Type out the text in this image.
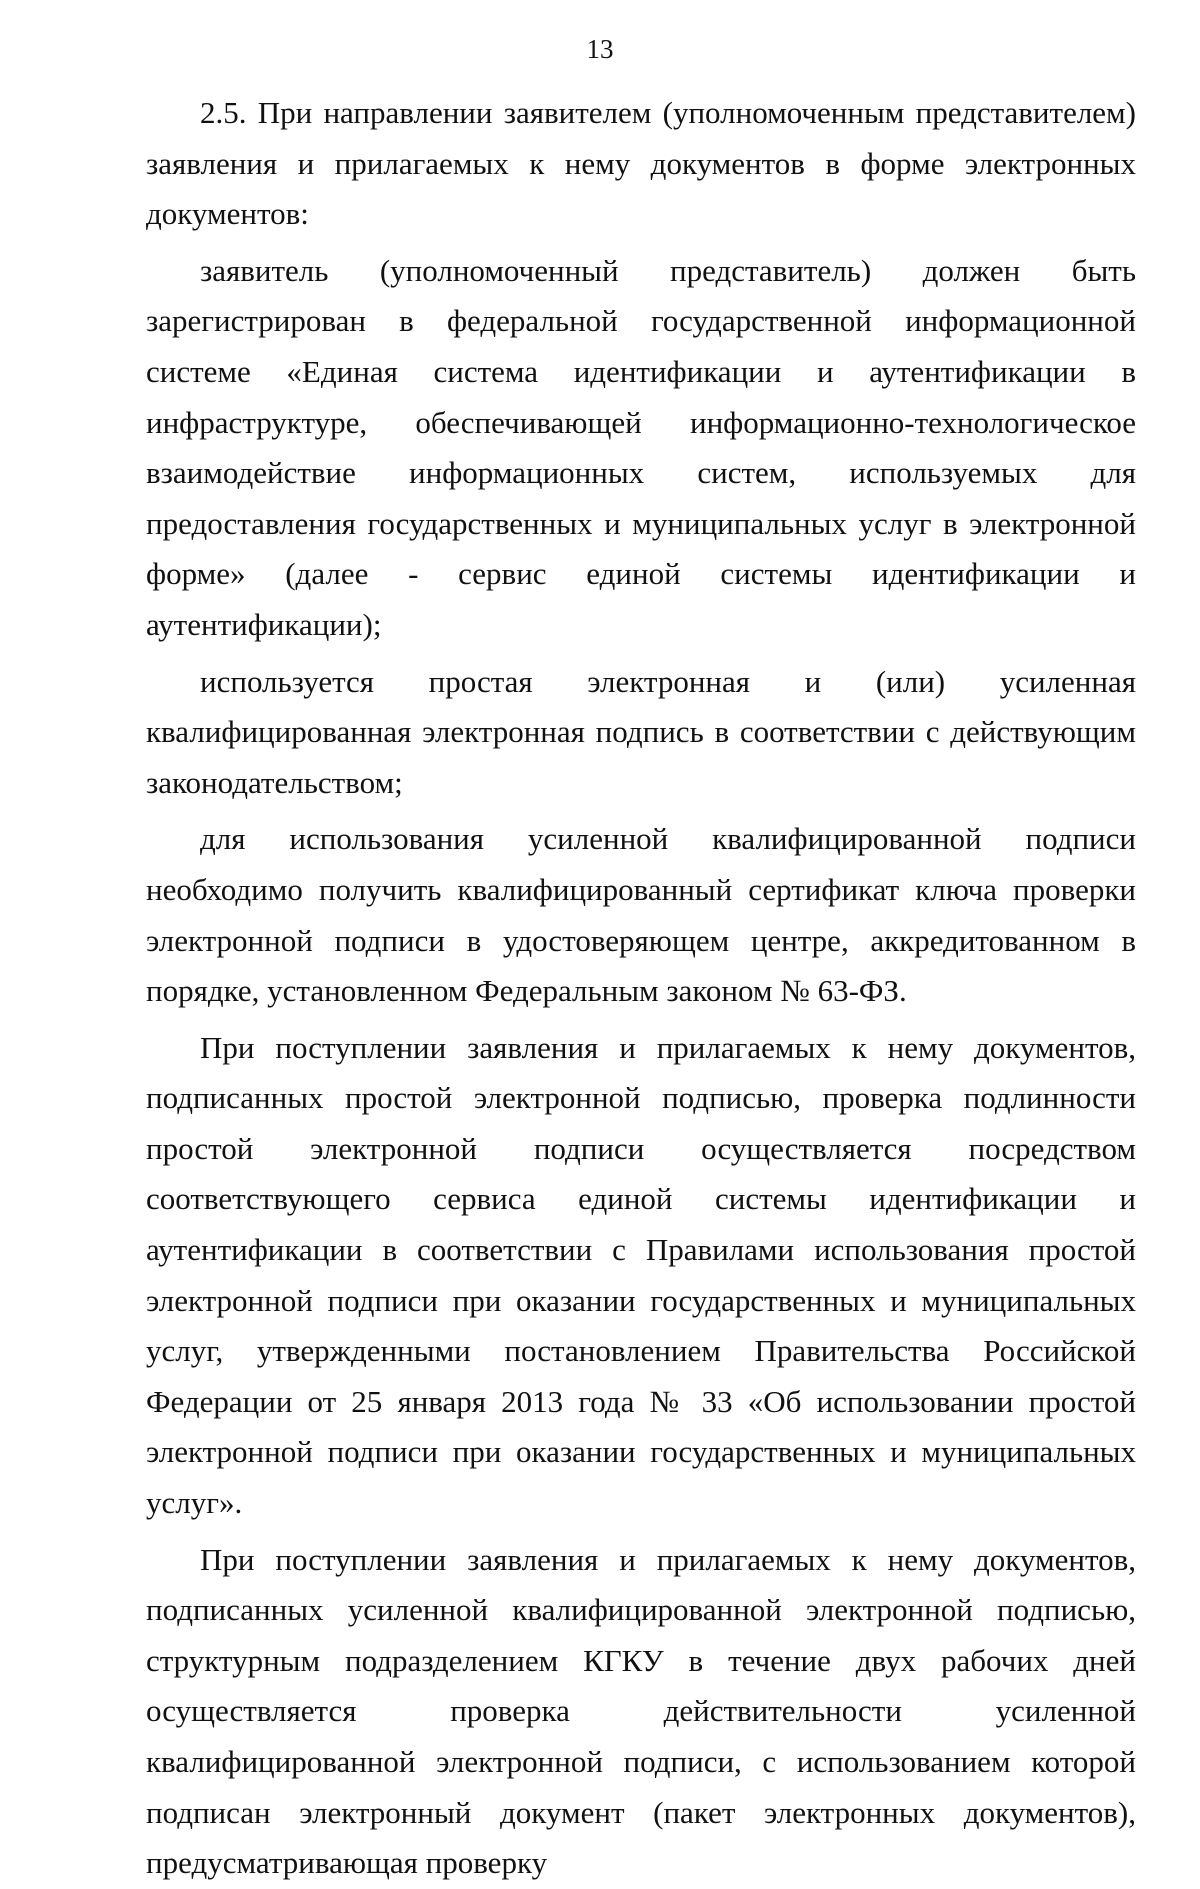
13

2.5. При направлении заявителем (уполномоченным представителем) заявления и прилагаемых к нему документов в форме электронных документов:

заявитель (уполномоченный представитель) должен быть зарегистрирован в федеральной государственной информационной системе «Единая система идентификации и аутентификации в инфраструктуре, обеспечивающей информационно-технологическое взаимодействие информационных систем, используемых для предоставления государственных и муниципальных услуг в электронной форме» (далее - сервис единой системы идентификации и аутентификации);

используется простая электронная и (или) усиленная квалифицированная электронная подпись в соответствии с действующим законодательством;

для использования усиленной квалифицированной подписи необходимо получить квалифицированный сертификат ключа проверки электронной подписи в удостоверяющем центре, аккредитованном в порядке, установленном Федеральным законом № 63-ФЗ.

При поступлении заявления и прилагаемых к нему документов, подписанных простой электронной подписью, проверка подлинности простой электронной подписи осуществляется посредством соответствующего сервиса единой системы идентификации и аутентификации в соответствии с Правилами использования простой электронной подписи при оказании государственных и муниципальных услуг, утвержденными постановлением Правительства Российской Федерации от 25 января 2013 года № 33 «Об использовании простой электронной подписи при оказании государственных и муниципальных услуг».

При поступлении заявления и прилагаемых к нему документов, подписанных усиленной квалифицированной электронной подписью, структурным подразделением КГКУ в течение двух рабочих дней осуществляется проверка действительности усиленной квалифицированной электронной подписи, с использованием которой подписан электронный документ (пакет электронных документов), предусматривающая проверку
